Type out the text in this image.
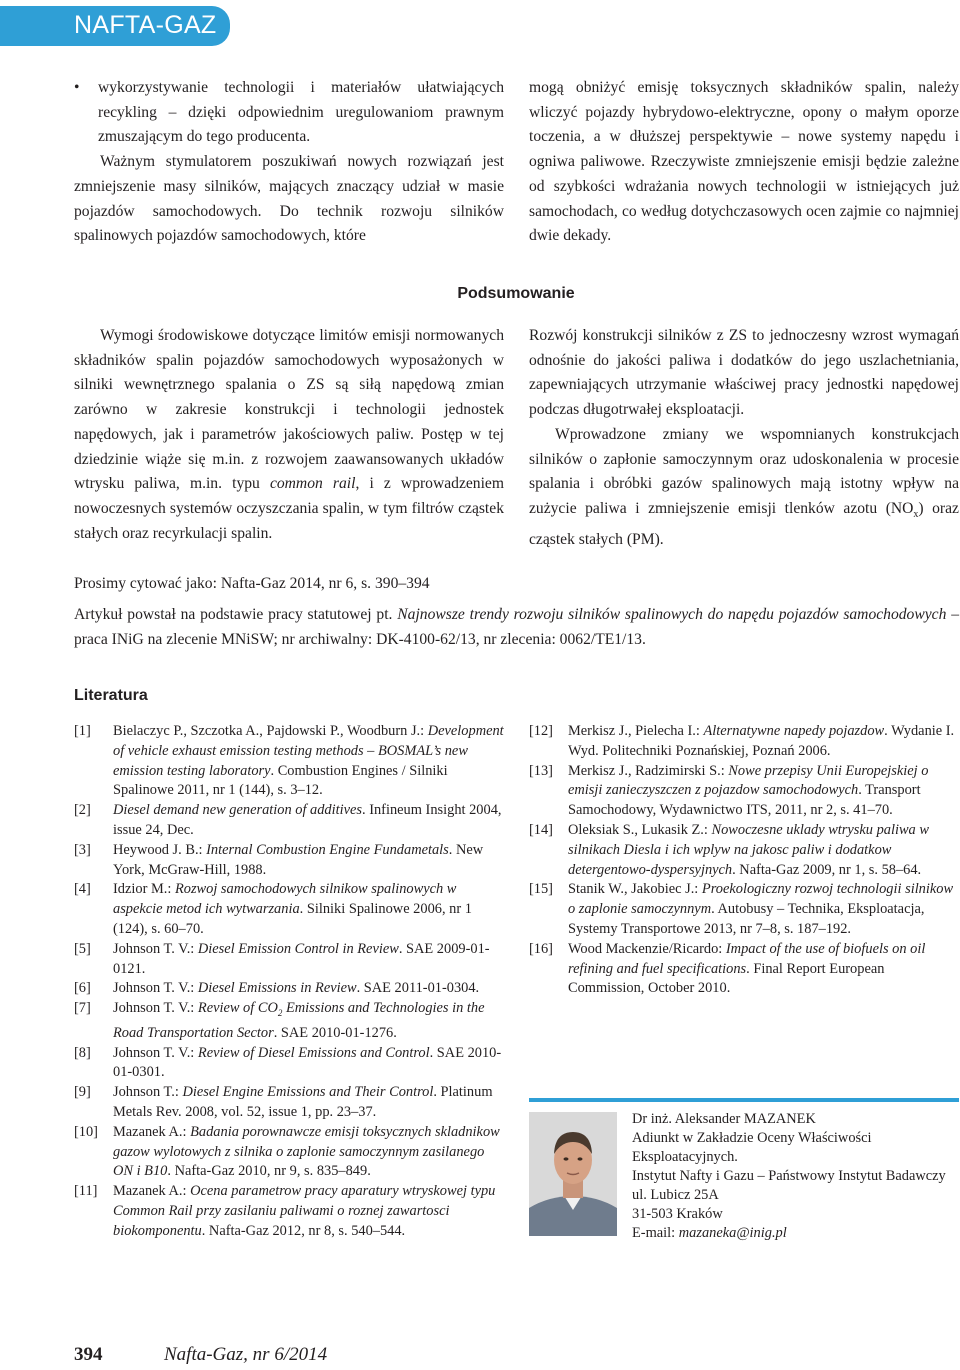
NAFTA-GAZ

• wykorzystywanie technologii i materiałów ułatwiających recykling – dzięki odpowiednim uregulowaniom prawnym zmuszającym do tego producenta.

Ważnym stymulatorem poszukiwań nowych rozwiązań jest zmniejszenie masy silników, mających znaczący udział w masie pojazdów samochodowych. Do technik rozwoju silników spalinowych pojazdów samochodowych, które

mogą obniżyć emisję toksycznych składników spalin, należy wliczyć pojazdy hybrydowo-elektryczne, opony o małym oporze toczenia, a w dłuższej perspektywie – nowe systemy napędu i ogniwa paliwowe. Rzeczywiste zmniejszenie emisji będzie zależne od szybkości wdrażania nowych technologii w istniejących już samochodach, co według dotychczasowych ocen zajmie co najmniej dwie dekady.

Podsumowanie

Wymogi środowiskowe dotyczące limitów emisji normowanych składników spalin pojazdów samochodowych wyposażonych w silniki wewnętrznego spalania o ZS są siłą napędową zmian zarówno w zakresie konstrukcji i technologii jednostek napędowych, jak i parametrów jakościowych paliw. Postęp w tej dziedzinie wiąże się m.in. z rozwojem zaawansowanych układów wtrysku paliwa, m.in. typu common rail, i z wprowadzeniem nowoczesnych systemów oczyszczania spalin, w tym filtrów cząstek stałych oraz recyrkulacji spalin.

Rozwój konstrukcji silników z ZS to jednoczesny wzrost wymagań odnośnie do jakości paliwa i dodatków do jego uszlachetniania, zapewniających utrzymanie właściwej pracy jednostki napędowej podczas długotrwałej eksploatacji.

Wprowadzone zmiany we wspomnianych konstrukcjach silników o zapłonie samoczynnym oraz udoskonalenia w procesie spalania i obróbki gazów spalinowych mają istotny wpływ na zużycie paliwa i zmniejszenie emisji tlenków azotu $(NO_x)$ oraz cząstek stałych (PM).

Prosimy cytować jako: Nafta-Gaz 2014, nr 6, s. 390–394
Artykuł powstał na podstawie pracy statutowej pt. Najnowsze trendy rozwoju silników spalinowych do napędu pojazdów samochodowych – praca INiG na zlecenie MNiSW; nr archiwalny: DK-4100-62/13, nr zlecenia: 0062/TE1/13.
Literatura
[1] Bielaczyc P., Szczotka A., Pajdowski P., Woodburn J.: Development of vehicle exhaust emission testing methods – BOSMAL’s new emission testing laboratory. Combustion Engines / Silniki Spalinowe 2011, nr 1 (144), s. 3–12.
[2] Diesel demand new generation of additives. Infineum Insight 2004, issue 24, Dec.
[3] Heywood J. B.: Internal Combustion Engine Fundametals. New York, McGraw-Hill, 1988.
[4] Idzior M.: Rozwoj samochodowych silnikow spalinowych w aspekcie metod ich wytwarzania. Silniki Spalinowe 2006, nr 1 (124), s. 60–70.
[5] Johnson T. V.: Diesel Emission Control in Review. SAE 2009-01-0121.
[6] Johnson T. V.: Diesel Emissions in Review. SAE 2011-01-0304.
[7] Johnson T. V.: Review of $CO_2$ Emissions and Technologies in the Road Transportation Sector. SAE 2010-01-1276.
[8] Johnson T. V.: Review of Diesel Emissions and Control. SAE 2010-01-0301.
[9] Johnson T.: Diesel Engine Emissions and Their Control. Platinum Metals Rev. 2008, vol. 52, issue 1, pp. 23–37.
[10] Mazanek A.: Badania porownawcze emisji toksycznych skladnikow gazow wylotowych z silnika o zaplonie samoczynnym zasilanego ON i B10. Nafta-Gaz 2010, nr 9, s. 835–849.
[11] Mazanek A.: Ocena parametrow pracy aparatury wtryskowej typu Common Rail przy zasilaniu paliwami o roznej zawartosci biokomponentu. Nafta-Gaz 2012, nr 8, s. 540–544.
[12] Merkisz J., Pielecha I.: Alternatywne napedy pojazdow. Wydanie I. Wyd. Politechniki Poznańskiej, Poznań 2006.
[13] Merkisz J., Radzimirski S.: Nowe przepisy Unii Europejskiej o emisji zanieczyszczen z pojazdow samochodowych. Transport Samochodowy, Wydawnictwo ITS, 2011, nr 2, s. 41–70.
[14] Oleksiak S., Lukasik Z.: Nowoczesne uklady wtrysku paliwa w silnikach Diesla i ich wplyw na jakosc paliw i dodatkow detergentowo-dyspersyjnych. Nafta-Gaz 2009, nr 1, s. 58–64.
[15] Stanik W., Jakobiec J.: Proekologiczny rozwoj technologii silnikow o zaplonie samoczynnym. Autobusy – Technika, Eksploatacja, Systemy Transportowe 2013, nr 7–8, s. 187–192.
[16] Wood Mackenzie/Ricardo: Impact of the use of biofuels on oil refining and fuel specifications. Final Report European Commission, October 2010.
Dr inż. Aleksander MAZANEK
Adiunkt w Zakładzie Oceny Właściwości Eksploatacyjnych.
Instytut Nafty i Gazu – Państwowy Instytut Badawczy
ul. Lubicz 25A
31-503 Kraków
E-mail: mazaneka@inig.pl
394	Nafta-Gaz, nr 6/2014
